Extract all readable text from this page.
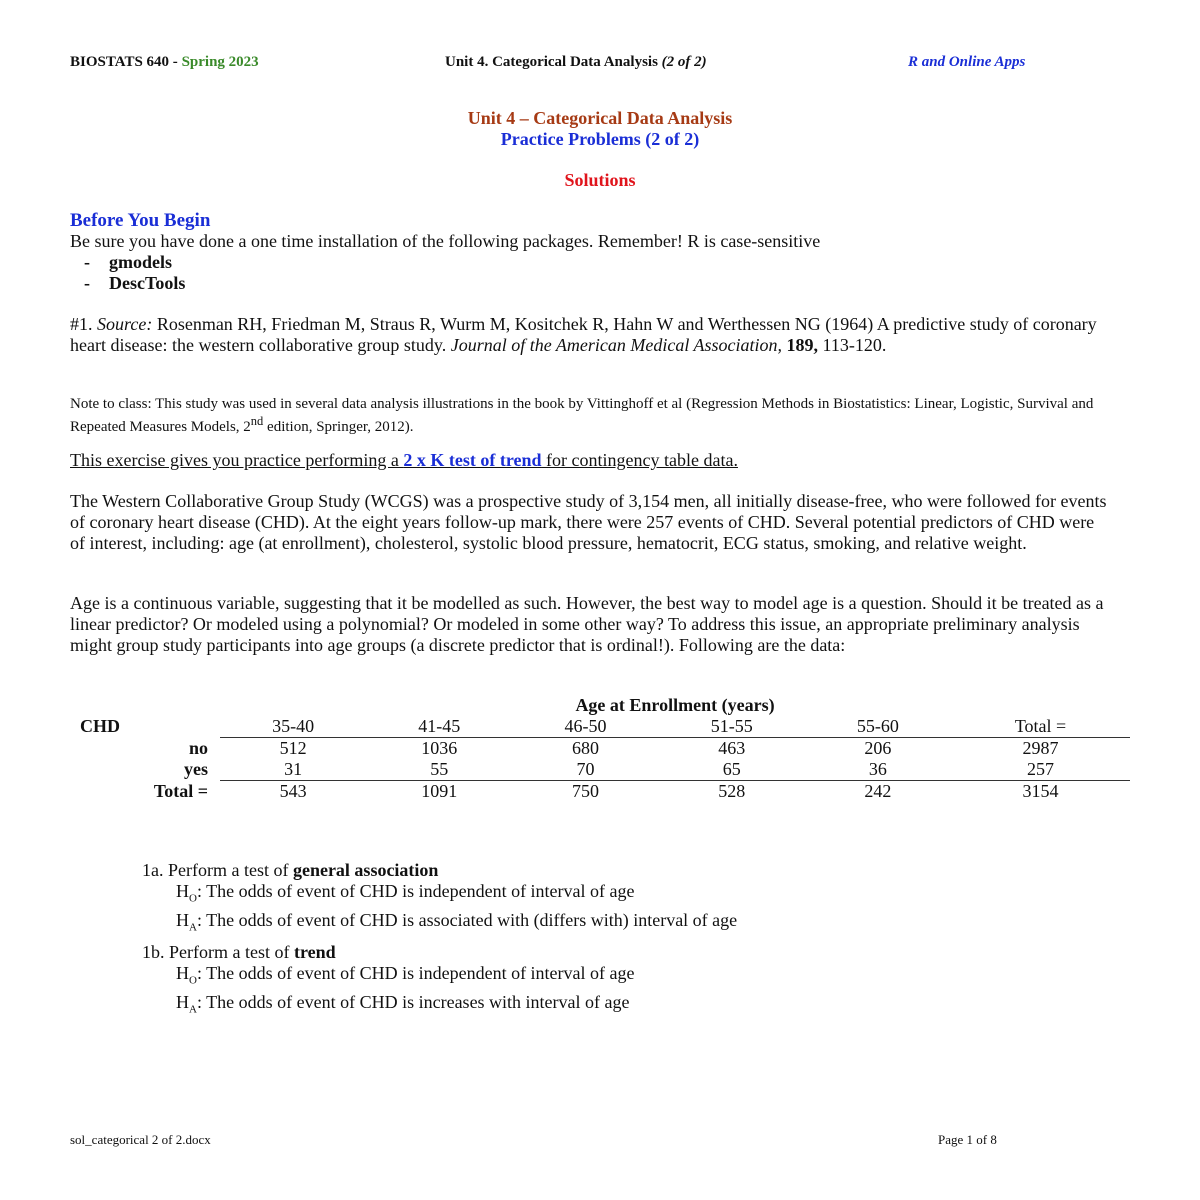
BIOSTATS 640 - Spring 2023	Unit 4. Categorical Data Analysis (2 of 2)	R and Online Apps
Unit 4 – Categorical Data Analysis
Practice Problems (2 of 2)
Solutions
Before You Begin
Be sure you have done a one time installation of the following packages. Remember! R is case-sensitive
- gmodels
- DescTools
#1. Source: Rosenman RH, Friedman M, Straus R, Wurm M, Kositchek R, Hahn W and Werthessen NG (1964) A predictive study of coronary heart disease: the western collaborative group study. Journal of the American Medical Association, 189, 113-120.
Note to class: This study was used in several data analysis illustrations in the book by Vittinghoff et al (Regression Methods in Biostatistics: Linear, Logistic, Survival and Repeated Measures Models, 2nd edition, Springer, 2012).
This exercise gives you practice performing a 2 x K test of trend for contingency table data.
The Western Collaborative Group Study (WCGS) was a prospective study of 3,154 men, all initially disease-free, who were followed for events of coronary heart disease (CHD). At the eight years follow-up mark, there were 257 events of CHD. Several potential predictors of CHD were of interest, including: age (at enrollment), cholesterol, systolic blood pressure, hematocrit, ECG status, smoking, and relative weight.
Age is a continuous variable, suggesting that it be modelled as such. However, the best way to model age is a question. Should it be treated as a linear predictor? Or modeled using a polynomial? Or modeled in some other way? To address this issue, an appropriate preliminary analysis might group study participants into age groups (a discrete predictor that is ordinal!). Following are the data:
	Age at Enrollment (years)					
CHD	35-40	41-45	46-50	51-55	55-60	Total =
no	512	1036	680	463	206	2987
yes	31	55	70	65	36	257
Total =	543	1091	750	528	242	3154
1a. Perform a test of general association
$H_O$: The odds of event of CHD is independent of interval of age
$H_A$: The odds of event of CHD is associated with (differs with) interval of age
1b. Perform a test of trend
$H_O$: The odds of event of CHD is independent of interval of age
$H_A$: The odds of event of CHD is increases with interval of age
sol_categorical 2 of 2.docx	Page 1 of 8
